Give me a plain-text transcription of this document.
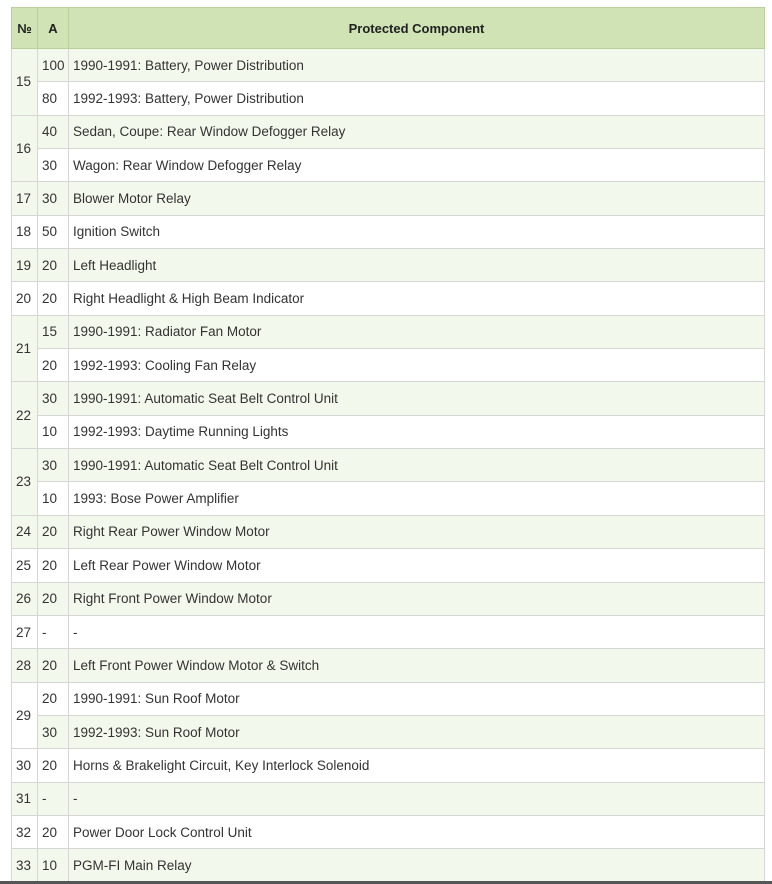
№	A	Protected Component
15	100	1990-1991: Battery, Power Distribution
	80	1992-1993: Battery, Power Distribution
16	40	Sedan, Coupe: Rear Window Defogger Relay
	30	Wagon: Rear Window Defogger Relay
17	30	Blower Motor Relay
18	50	Ignition Switch
19	20	Left Headlight
20	20	Right Headlight & High Beam Indicator
21	15	1990-1991: Radiator Fan Motor
	20	1992-1993: Cooling Fan Relay
22	30	1990-1991: Automatic Seat Belt Control Unit
	10	1992-1993: Daytime Running Lights
23	30	1990-1991: Automatic Seat Belt Control Unit
	10	1993: Bose Power Amplifier
24	20	Right Rear Power Window Motor
25	20	Left Rear Power Window Motor
26	20	Right Front Power Window Motor
27	-	-
28	20	Left Front Power Window Motor & Switch
29	20	1990-1991: Sun Roof Motor
	30	1992-1993: Sun Roof Motor
30	20	Horns & Brakelight Circuit, Key Interlock Solenoid
31	-	-
32	20	Power Door Lock Control Unit
33	10	PGM-FI Main Relay
